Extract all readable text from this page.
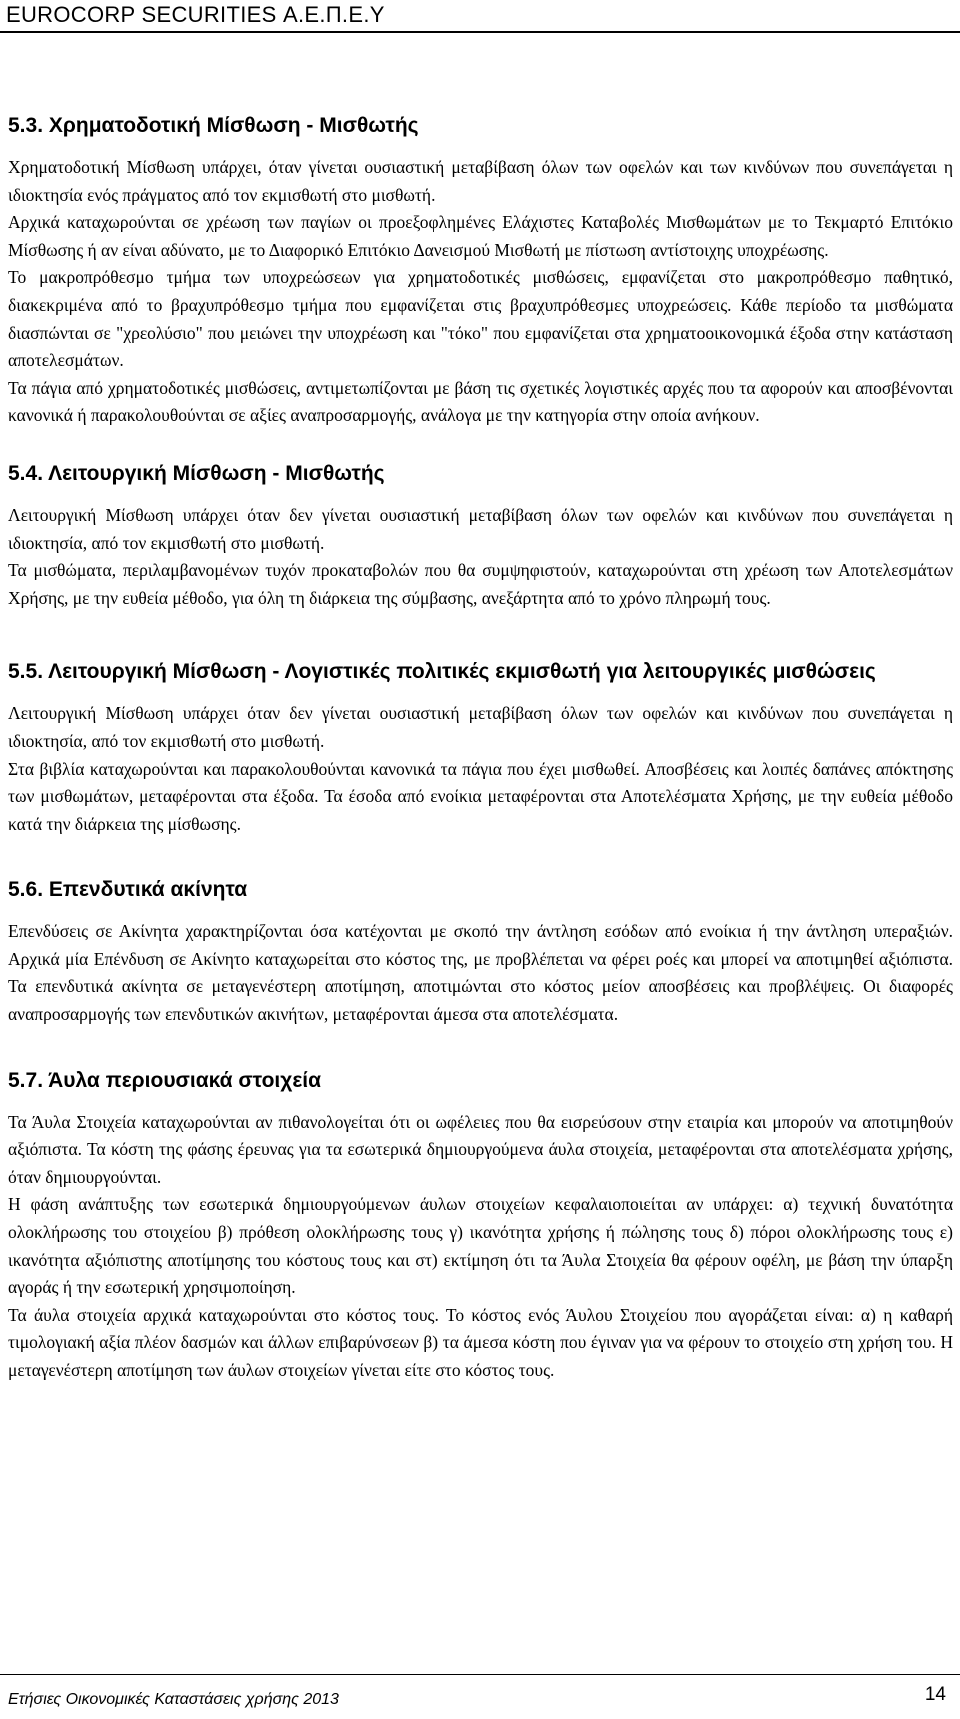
EUROCORP SECURITIES Α.Ε.Π.Ε.Υ
5.3. Χρηματοδοτική Μίσθωση - Μισθωτής

Χρηματοδοτική Μίσθωση υπάρχει, όταν γίνεται ουσιαστική μεταβίβαση όλων των οφελών και των κινδύνων που συνεπάγεται η ιδιοκτησία ενός πράγματος από τον εκμισθωτή στο μισθωτή.

Αρχικά καταχωρούνται σε χρέωση των παγίων οι προεξοφλημένες Ελάχιστες Καταβολές Μισθωμάτων με το Τεκμαρτό Επιτόκιο Μίσθωσης ή αν είναι αδύνατο, με το Διαφορικό Επιτόκιο Δανεισμού Μισθωτή με πίστωση αντίστοιχης υποχρέωσης.

Το μακροπρόθεσμο τμήμα των υποχρεώσεων για χρηματοδοτικές μισθώσεις, εμφανίζεται στο μακροπρόθεσμο παθητικό, διακεκριμένα από το βραχυπρόθεσμο τμήμα που εμφανίζεται στις βραχυπρόθεσμες υποχρεώσεις. Κάθε περίοδο τα μισθώματα διασπώνται σε "χρεολύσιο" που μειώνει την υποχρέωση και "τόκο" που εμφανίζεται στα χρηματοοικονομικά έξοδα στην κατάσταση αποτελεσμάτων.

Τα πάγια από χρηματοδοτικές μισθώσεις, αντιμετωπίζονται με βάση τις σχετικές λογιστικές αρχές που τα αφορούν και αποσβένονται κανονικά ή παρακολουθούνται σε αξίες αναπροσαρμογής, ανάλογα με την κατηγορία στην οποία ανήκουν.

5.4. Λειτουργική Μίσθωση - Μισθωτής

Λειτουργική Μίσθωση υπάρχει όταν δεν γίνεται ουσιαστική μεταβίβαση όλων των οφελών και κινδύνων που συνεπάγεται η ιδιοκτησία, από τον εκμισθωτή στο μισθωτή.

Τα μισθώματα, περιλαμβανομένων τυχόν προκαταβολών που θα συμψηφιστούν, καταχωρούνται στη χρέωση των Αποτελεσμάτων Χρήσης, με την ευθεία μέθοδο, για όλη τη διάρκεια της σύμβασης, ανεξάρτητα από το χρόνο πληρωμή τους.

5.5. Λειτουργική Μίσθωση - Λογιστικές πολιτικές εκμισθωτή για λειτουργικές μισθώσεις

Λειτουργική Μίσθωση υπάρχει όταν δεν γίνεται ουσιαστική μεταβίβαση όλων των οφελών και κινδύνων που συνεπάγεται η ιδιοκτησία, από τον εκμισθωτή στο μισθωτή.

Στα βιβλία καταχωρούνται και παρακολουθούνται κανονικά τα πάγια που έχει μισθωθεί. Αποσβέσεις και λοιπές δαπάνες απόκτησης των μισθωμάτων, μεταφέρονται στα έξοδα. Τα έσοδα από ενοίκια μεταφέρονται στα Αποτελέσματα Χρήσης, με την ευθεία μέθοδο κατά την διάρκεια της μίσθωσης.

5.6. Επενδυτικά ακίνητα

Επενδύσεις σε Ακίνητα χαρακτηρίζονται όσα κατέχονται με σκοπό την άντληση εσόδων από ενοίκια ή την άντληση υπεραξιών. Αρχικά μία Επένδυση σε Ακίνητο καταχωρείται στο κόστος της, με προβλέπεται να φέρει ροές και μπορεί να αποτιμηθεί αξιόπιστα. Τα επενδυτικά ακίνητα σε μεταγενέστερη αποτίμηση, αποτιμώνται στο κόστος μείον αποσβέσεις και προβλέψεις. Οι διαφορές αναπροσαρμογής των επενδυτικών ακινήτων, μεταφέρονται άμεσα στα αποτελέσματα.

5.7. Άυλα περιουσιακά στοιχεία

Τα Άυλα Στοιχεία καταχωρούνται αν πιθανολογείται ότι οι ωφέλειες που θα εισρεύσουν στην εταιρία και μπορούν να αποτιμηθούν αξιόπιστα. Τα κόστη της φάσης έρευνας για τα εσωτερικά δημιουργούμενα άυλα στοιχεία, μεταφέρονται στα αποτελέσματα χρήσης, όταν δημιουργούνται.

Η φάση ανάπτυξης των εσωτερικά δημιουργούμενων άυλων στοιχείων κεφαλαιοποιείται αν υπάρχει: α) τεχνική δυνατότητα ολοκλήρωσης του στοιχείου β) πρόθεση ολοκλήρωσης τους γ) ικανότητα χρήσης ή πώλησης τους δ) πόροι ολοκλήρωσης τους ε) ικανότητα αξιόπιστης αποτίμησης του κόστους τους και στ) εκτίμηση ότι τα Άυλα Στοιχεία θα φέρουν οφέλη, με βάση την ύπαρξη αγοράς ή την εσωτερική χρησιμοποίηση.

Τα άυλα στοιχεία αρχικά καταχωρούνται στο κόστος τους. Το κόστος ενός Άυλου Στοιχείου που αγοράζεται είναι: α) η καθαρή τιμολογιακή αξία πλέον δασμών και άλλων επιβαρύνσεων β) τα άμεσα κόστη που έγιναν για να φέρουν το στοιχείο στη χρήση του. Η μεταγενέστερη αποτίμηση των άυλων στοιχείων γίνεται είτε στο κόστος τους.

Ετήσιες Οικονομικές Καταστάσεις χρήσης 2013	14
